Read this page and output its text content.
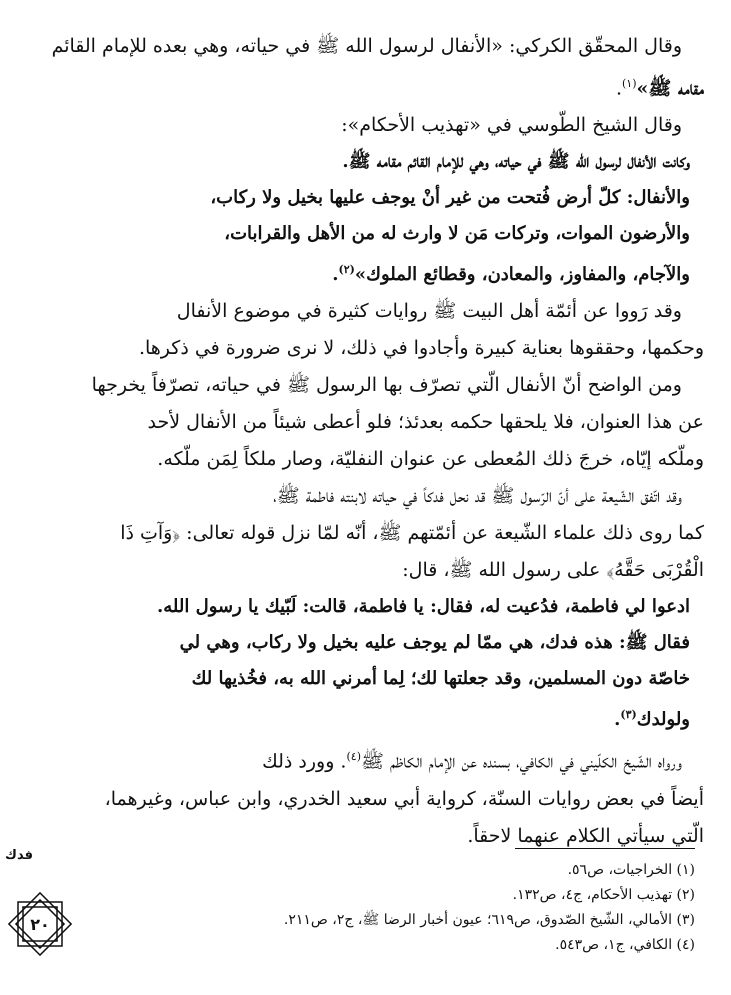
وقال المحقّق الكركي: «الأنفال لرسول الله ﷺ في حياته، وهي بعده للإمام القائم
مقامه ﷺ»$^{(١)}$.

وقال الشيخ الطّوسي في «تهذيب الأحكام»:

وكانت الأنفال لرسول الله ﷺ في حياته، وهي للإمام القائم مقامه ﷺ.
والأنفال: كلّ أرض فُتحت من غير أنْ يوجف عليها بخيل ولا ركاب،
والأرضون الموات، وتركات مَن لا وارث له من الأهل والقرابات،
والآجام، والمفاوز، والمعادن، وقطائع الملوك»$^{(٢)}$.

وقد رَووا عن أئمّة أهل البيت ﷺ روايات كثيرة في موضوع الأنفال
وحكمها، وحققوها بعناية كبيرة وأجادوا في ذلك، لا نرى ضرورة في ذكرها.

ومن الواضح أنّ الأنفال الّتي تصرّف بها الرسول ﷺ في حياته، تصرّفاً يخرجها
عن هذا العنوان، فلا يلحقها حكمه بعدئذ؛ فلو أعطى شيئاً من الأنفال لأحد
وملّكه إيّاه، خرجَ ذلك المُعطى عن عنوان النفليّة، وصار ملكاً لِمَن ملّكه.

وقد اتّفق الشّيعة على أنّ الرّسول ﷺ قد نحل فدكاً في حياته لابنته فاطمة ﷺ،
كما روى ذلك علماء الشّيعة عن أئمّتهم ﷺ، أنّه لمّا نزل قوله تعالى: ﴿وَآتِ ذَا
الْقُرْبَى حَقَّهُ﴾ على رسول الله ﷺ، قال:

ادعوا لي فاطمة، فدُعيت له، فقال: يا فاطمة، قالت: لَبّيك يا رسول الله.
فقال ﷺ: هذه فدك، هي ممّا لم يوجف عليه بخيل ولا ركاب، وهي لي
خاصّة دون المسلمين، وقد جعلتها لك؛ لِما أمرني الله به، فخُذيها لك
ولولدك$^{(٣)}$.

ورواه الشّيخ الكلّيني في الكافي، بسنده عن الإمام الكاظم ﷺ$^{(٤)}$. وورد ذلك
أيضاً في بعض روايات السنّة، كرواية أبي سعيد الخدري، وابن عباس، وغيرهما،
الّتي سيأتي الكلام عنهما لاحقاً.

(١) الخراجيات، ص٥٦.
(٢) تهذيب الأحكام، ج٤، ص١٣٢.
(٣) الأمالي، الشّيخ الصّدوق، ص٦١٩؛ عيون أخبار الرضا ﷺ، ج٢، ص٢١١.
(٤) الكافي، ج١، ص٥٤٣.
فدك
٢٠
